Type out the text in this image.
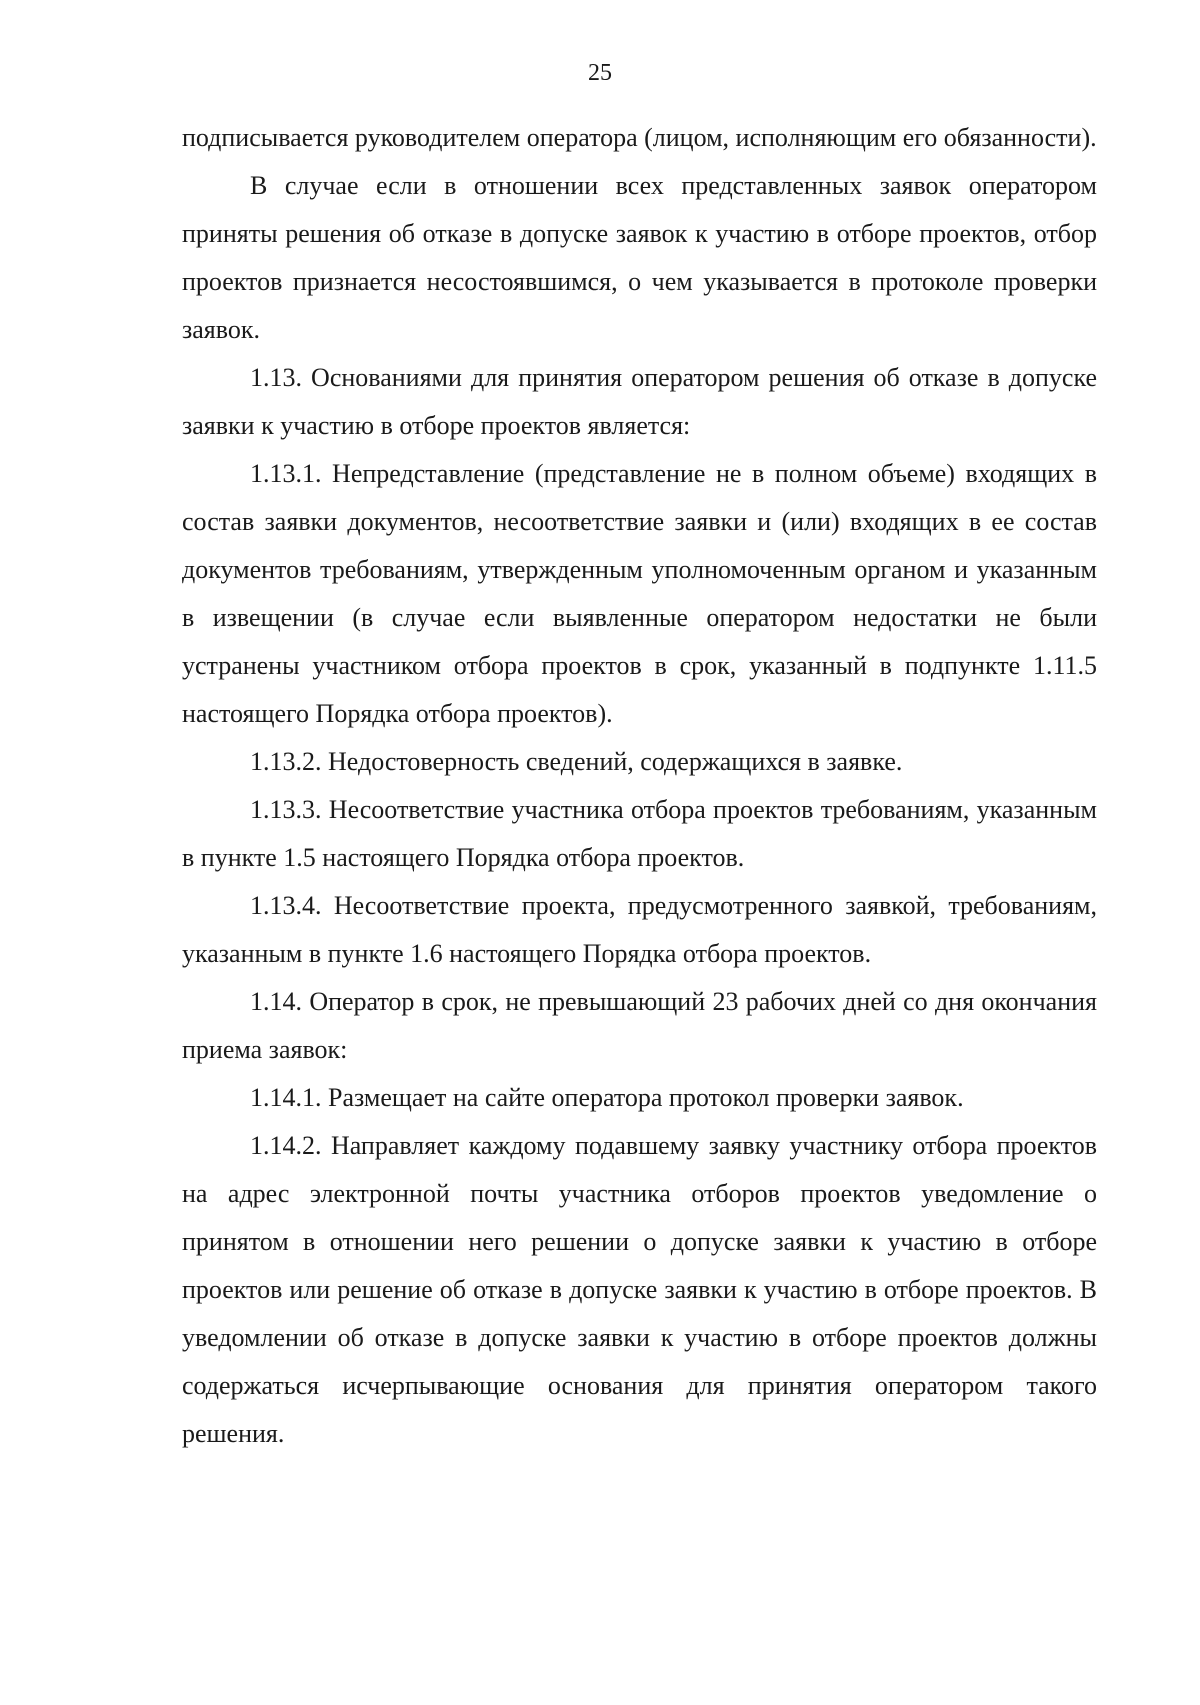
25

подписывается руководителем оператора (лицом, исполняющим его обязанности).

В случае если в отношении всех представленных заявок оператором приняты решения об отказе в допуске заявок к участию в отборе проектов, отбор проектов признается несостоявшимся, о чем указывается в протоколе проверки заявок.

1.13. Основаниями для принятия оператором решения об отказе в допуске заявки к участию в отборе проектов является:

1.13.1. Непредставление (представление не в полном объеме) входящих в состав заявки документов, несоответствие заявки и (или) входящих в ее состав документов требованиям, утвержденным уполномоченным органом и указанным в извещении (в случае если выявленные оператором недостатки не были устранены участником отбора проектов в срок, указанный в подпункте 1.11.5 настоящего Порядка отбора проектов).

1.13.2. Недостоверность сведений, содержащихся в заявке.

1.13.3. Несоответствие участника отбора проектов требованиям, указанным в пункте 1.5 настоящего Порядка отбора проектов.

1.13.4. Несоответствие проекта, предусмотренного заявкой, требованиям, указанным в пункте 1.6 настоящего Порядка отбора проектов.

1.14. Оператор в срок, не превышающий 23 рабочих дней со дня окончания приема заявок:

1.14.1. Размещает на сайте оператора протокол проверки заявок.

1.14.2. Направляет каждому подавшему заявку участнику отбора проектов на адрес электронной почты участника отборов проектов уведомление о принятом в отношении него решении о допуске заявки к участию в отборе проектов или решение об отказе в допуске заявки к участию в отборе проектов. В уведомлении об отказе в допуске заявки к участию в отборе проектов должны содержаться исчерпывающие основания для принятия оператором такого решения.
